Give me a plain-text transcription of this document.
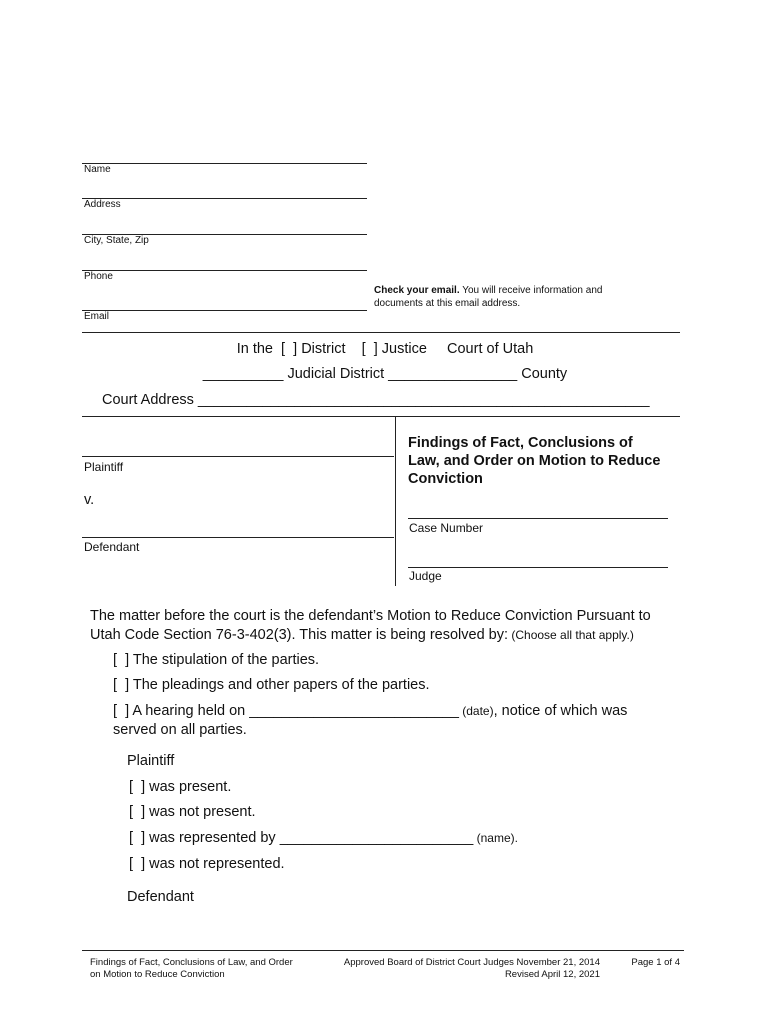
Name
Address
City, State, Zip
Phone
Email
Check your email. You will receive information and
documents at this email address.
In the  [  ] District    [  ] Justice     Court of Utah
__________ Judicial District ________________ County
Court Address ________________________________________________________
Plaintiff
v.
Defendant
Findings of Fact, Conclusions of
Law, and Order on Motion to Reduce
Conviction
Case Number
Judge
The matter before the court is the defendant’s Motion to Reduce Conviction Pursuant to
Utah Code Section 76-3-402(3). This matter is being resolved by: (Choose all that apply.)
[  ] The stipulation of the parties.
[  ] The pleadings and other papers of the parties.
[  ] A hearing held on __________________________ (date), notice of which was
served on all parties.
Plaintiff
[  ] was present.
[  ] was not present.
[  ] was represented by ________________________ (name).
[  ] was not represented.
Defendant
Findings of Fact, Conclusions of Law, and Order
on Motion to Reduce Conviction
Approved Board of District Court Judges November 21, 2014
Revised April 12, 2021
Page 1 of 4
